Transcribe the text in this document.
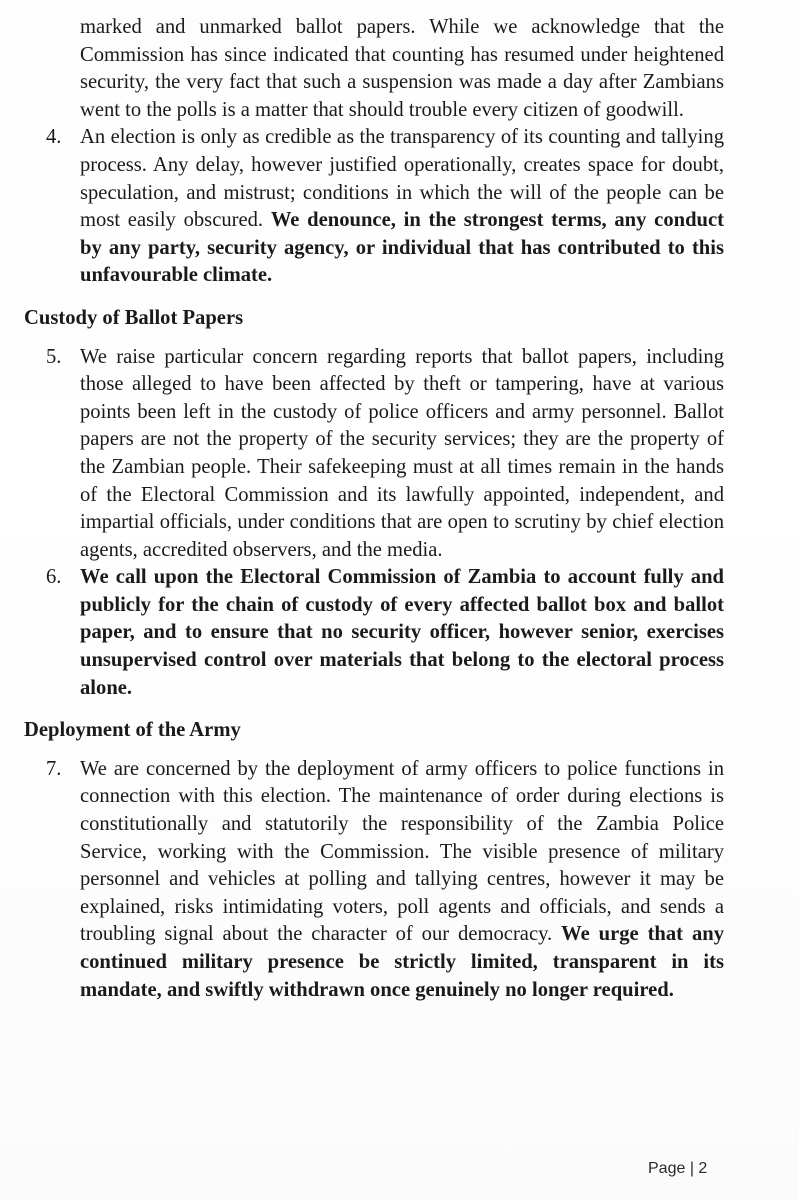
marked and unmarked ballot papers. While we acknowledge that the Commission has since indicated that counting has resumed under heightened security, the very fact that such a suspension was made a day after Zambians went to the polls is a matter that should trouble every citizen of goodwill.

4. An election is only as credible as the transparency of its counting and tallying process. Any delay, however justified operationally, creates space for doubt, speculation, and mistrust; conditions in which the will of the people can be most easily obscured. We denounce, in the strongest terms, any conduct by any party, security agency, or individual that has contributed to this unfavourable climate.
Custody of Ballot Papers
5. We raise particular concern regarding reports that ballot papers, including those alleged to have been affected by theft or tampering, have at various points been left in the custody of police officers and army personnel. Ballot papers are not the property of the security services; they are the property of the Zambian people. Their safekeeping must at all times remain in the hands of the Electoral Commission and its lawfully appointed, independent, and impartial officials, under conditions that are open to scrutiny by chief election agents, accredited observers, and the media.
6. We call upon the Electoral Commission of Zambia to account fully and publicly for the chain of custody of every affected ballot box and ballot paper, and to ensure that no security officer, however senior, exercises unsupervised control over materials that belong to the electoral process alone.
Deployment of the Army
7. We are concerned by the deployment of army officers to police functions in connection with this election. The maintenance of order during elections is constitutionally and statutorily the responsibility of the Zambia Police Service, working with the Commission. The visible presence of military personnel and vehicles at polling and tallying centres, however it may be explained, risks intimidating voters, poll agents and officials, and sends a troubling signal about the character of our democracy. We urge that any continued military presence be strictly limited, transparent in its mandate, and swiftly withdrawn once genuinely no longer required.
Page | 2
